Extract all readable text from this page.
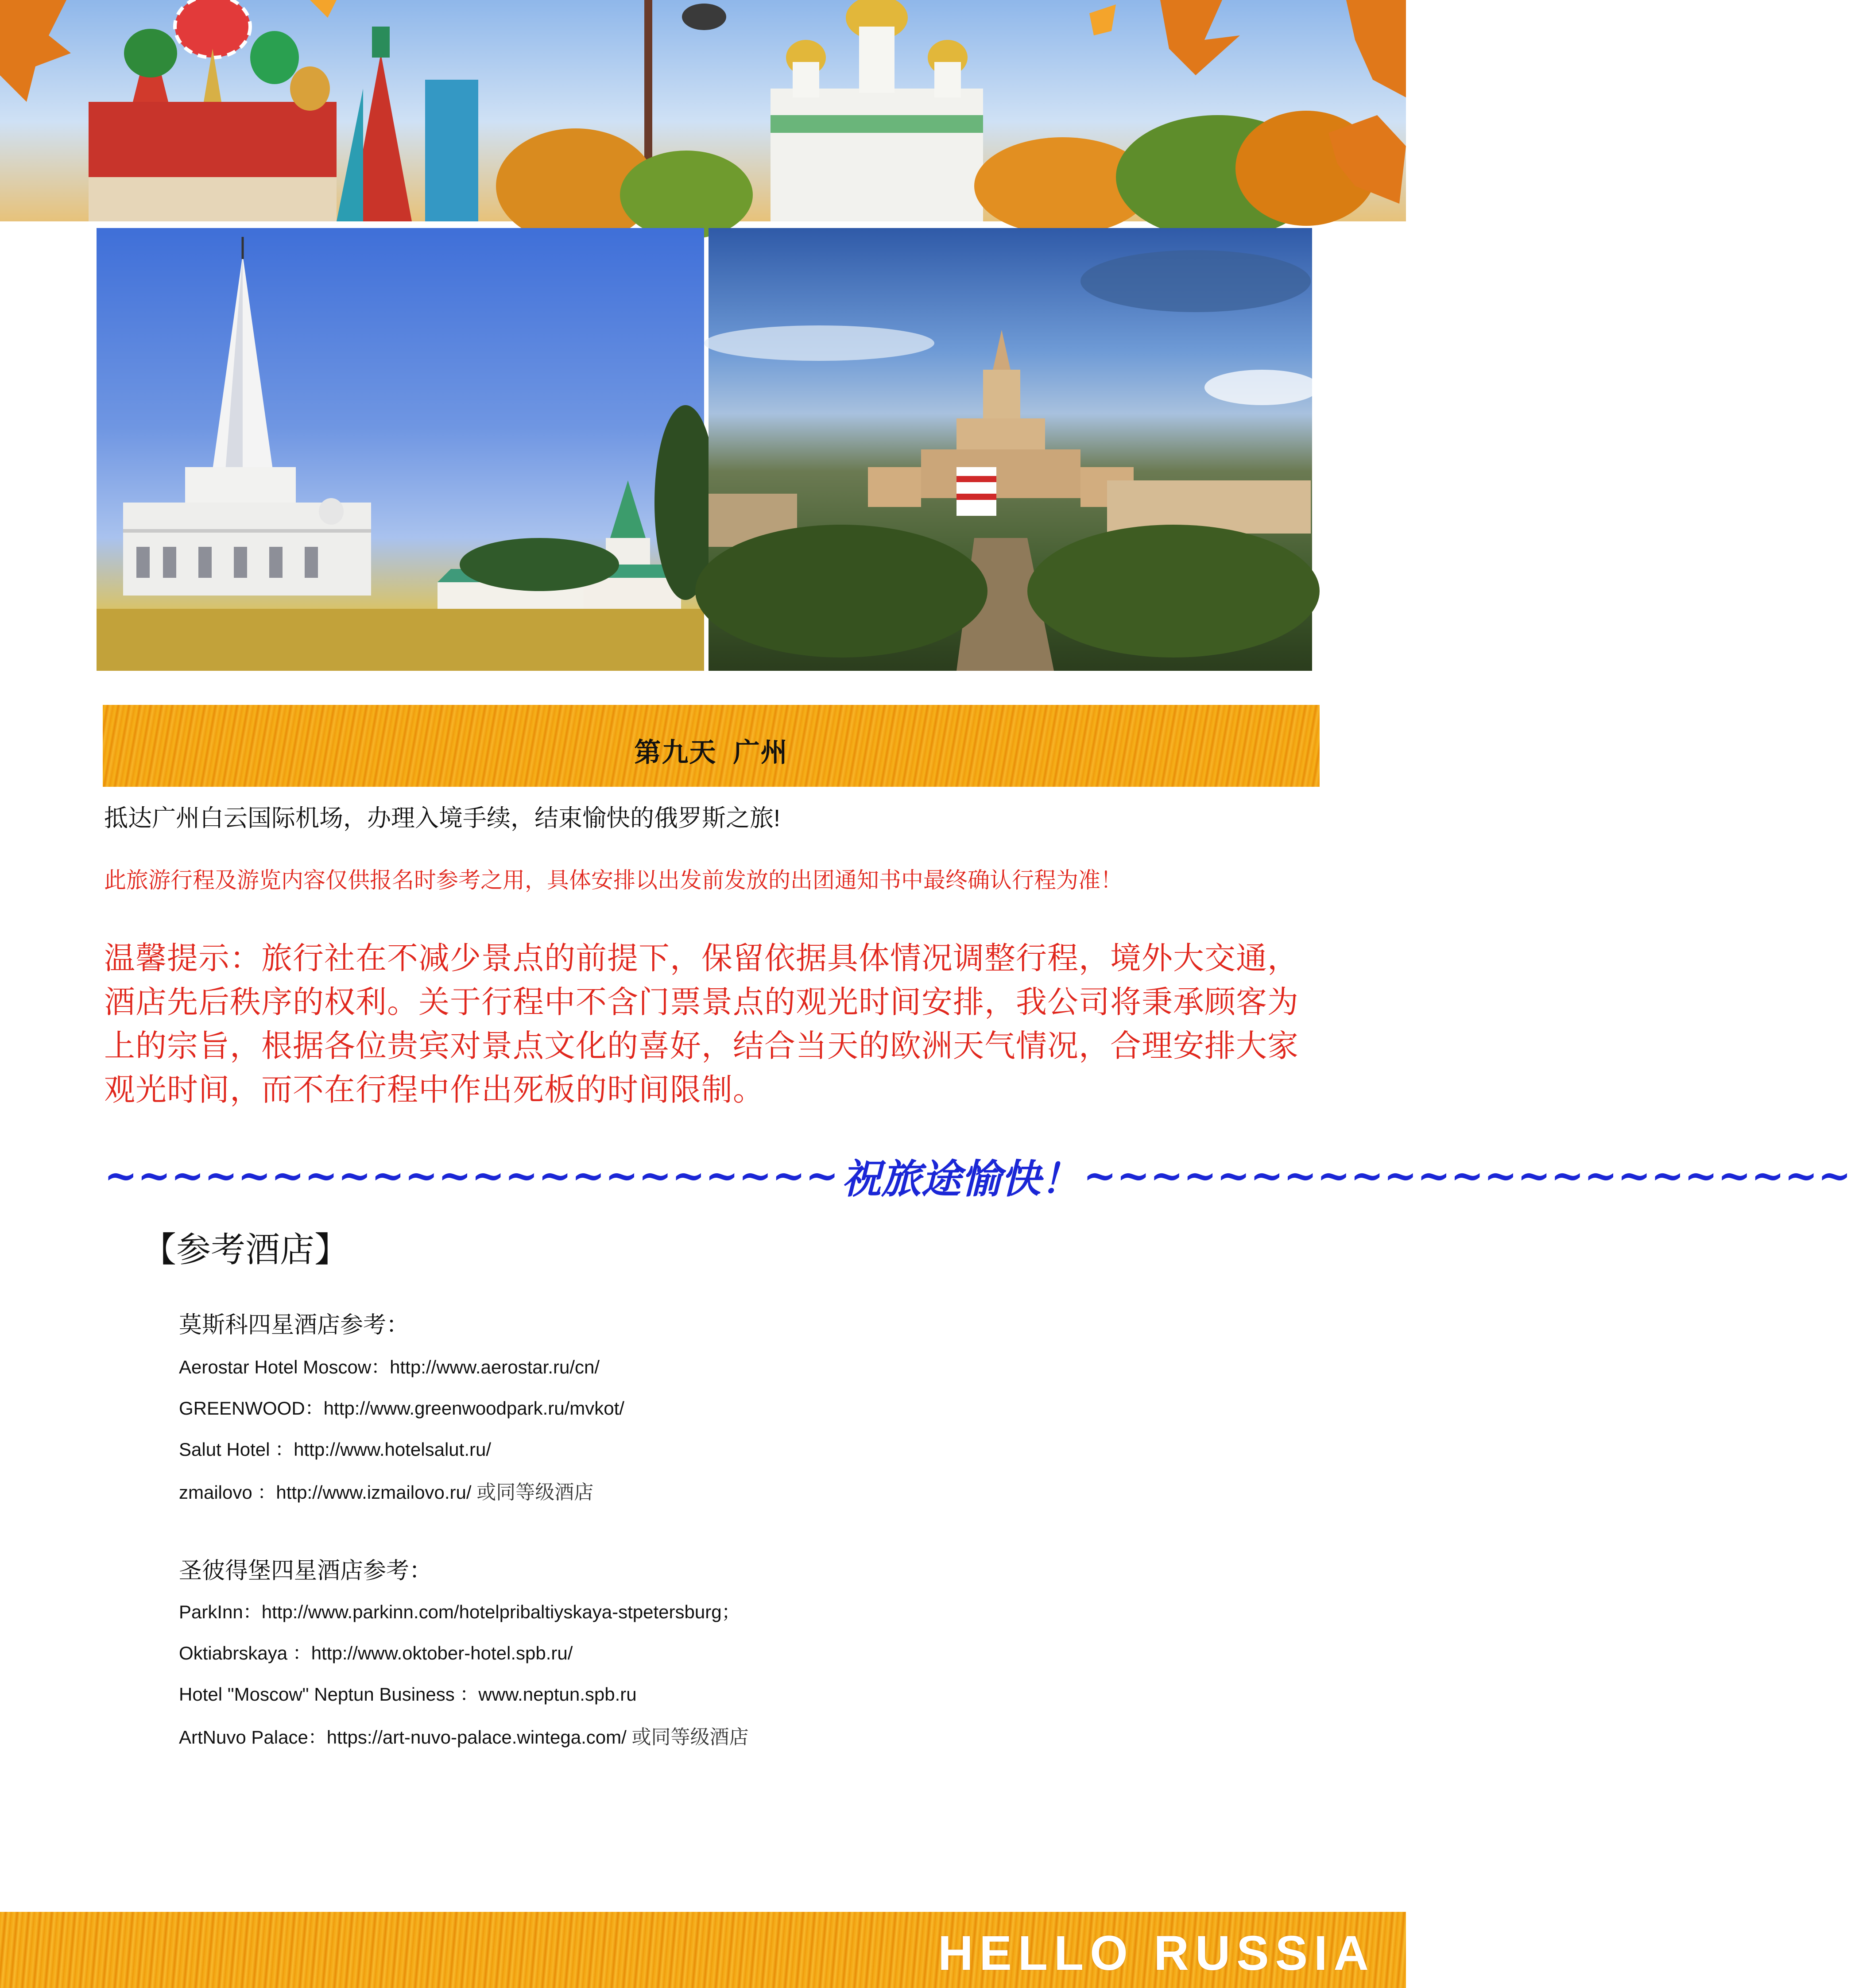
第九天  广州
抵达广州白云国际机场，办理入境手续，结束愉快的俄罗斯之旅!
此旅游行程及游览内容仅供报名时参考之用，具体安排以出发前发放的出团通知书中最终确认行程为准！
温馨提示：旅行社在不减少景点的前提下，保留依据具体情况调整行程，境外大交通，酒店先后秩序的权利。关于行程中不含门票景点的观光时间安排，我公司将秉承顾客为上的宗旨，根据各位贵宾对景点文化的喜好，结合当天的欧洲天气情况，合理安排大家观光时间，而不在行程中作出死板的时间限制。
~~~~~~~~~~~~~~~~~~~~~~ 祝旅途愉快！ ~~~~~~~~~~~~~~~~~~~~~~~
【参考酒店】
莫斯科四星酒店参考：
Aerostar Hotel Moscow：http://www.aerostar.ru/cn/
GREENWOOD：http://www.greenwoodpark.ru/mvkot/
Salut Hotel ：http://www.hotelsalut.ru/
zmailovo ：http://www.izmailovo.ru/ 或同等级酒店
圣彼得堡四星酒店参考：
ParkInn：http://www.parkinn.com/hotelpribaltiyskaya-stpetersburg；
Oktiabrskaya ：http://www.oktober-hotel.spb.ru/
Hotel "Moscow" Neptun Business ：www.neptun.spb.ru
ArtNuvo Palace：https://art-nuvo-palace.wintega.com/ 或同等级酒店
HELLO RUSSIA
